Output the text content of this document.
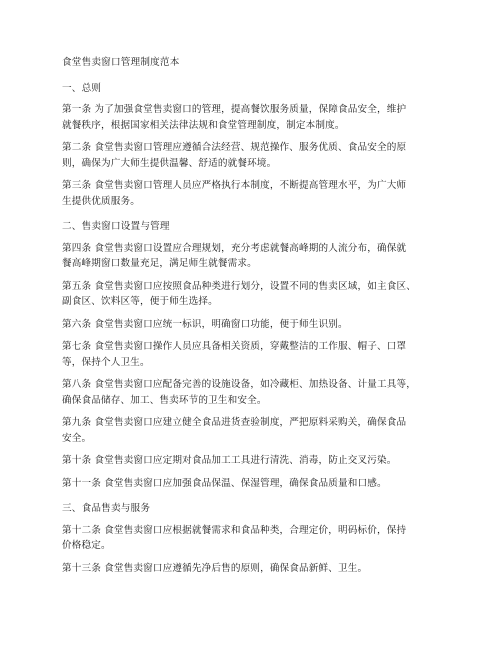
食堂售卖窗口管理制度范本
一、总则
第一条 为了加强食堂售卖窗口的管理，提高餐饮服务质量，保障食品安全，维护
就餐秩序，根据国家相关法律法规和食堂管理制度，制定本制度。
第二条 食堂售卖窗口管理应遵循合法经营、规范操作、服务优质、食品安全的原
则，确保为广大师生提供温馨、舒适的就餐环境。
第三条 食堂售卖窗口管理人员应严格执行本制度，不断提高管理水平，为广大师
生提供优质服务。
二、售卖窗口设置与管理
第四条 食堂售卖窗口设置应合理规划，充分考虑就餐高峰期的人流分布，确保就
餐高峰期窗口数量充足，满足师生就餐需求。
第五条 食堂售卖窗口应按照食品种类进行划分，设置不同的售卖区域，如主食区、
副食区、饮料区等，便于师生选择。
第六条 食堂售卖窗口应统一标识，明确窗口功能，便于师生识别。
第七条 食堂售卖窗口操作人员应具备相关资质，穿戴整洁的工作服、帽子、口罩
等，保持个人卫生。
第八条 食堂售卖窗口应配备完善的设施设备，如冷藏柜、加热设备、计量工具等，
确保食品储存、加工、售卖环节的卫生和安全。
第九条 食堂售卖窗口应建立健全食品进货查验制度，严把原料采购关，确保食品
安全。
第十条 食堂售卖窗口应定期对食品加工工具进行清洗、消毒，防止交叉污染。
第十一条 食堂售卖窗口应加强食品保温、保湿管理，确保食品质量和口感。
三、食品售卖与服务
第十二条 食堂售卖窗口应根据就餐需求和食品种类，合理定价，明码标价，保持
价格稳定。
第十三条 食堂售卖窗口应遵循先净后售的原则，确保食品新鲜、卫生。
